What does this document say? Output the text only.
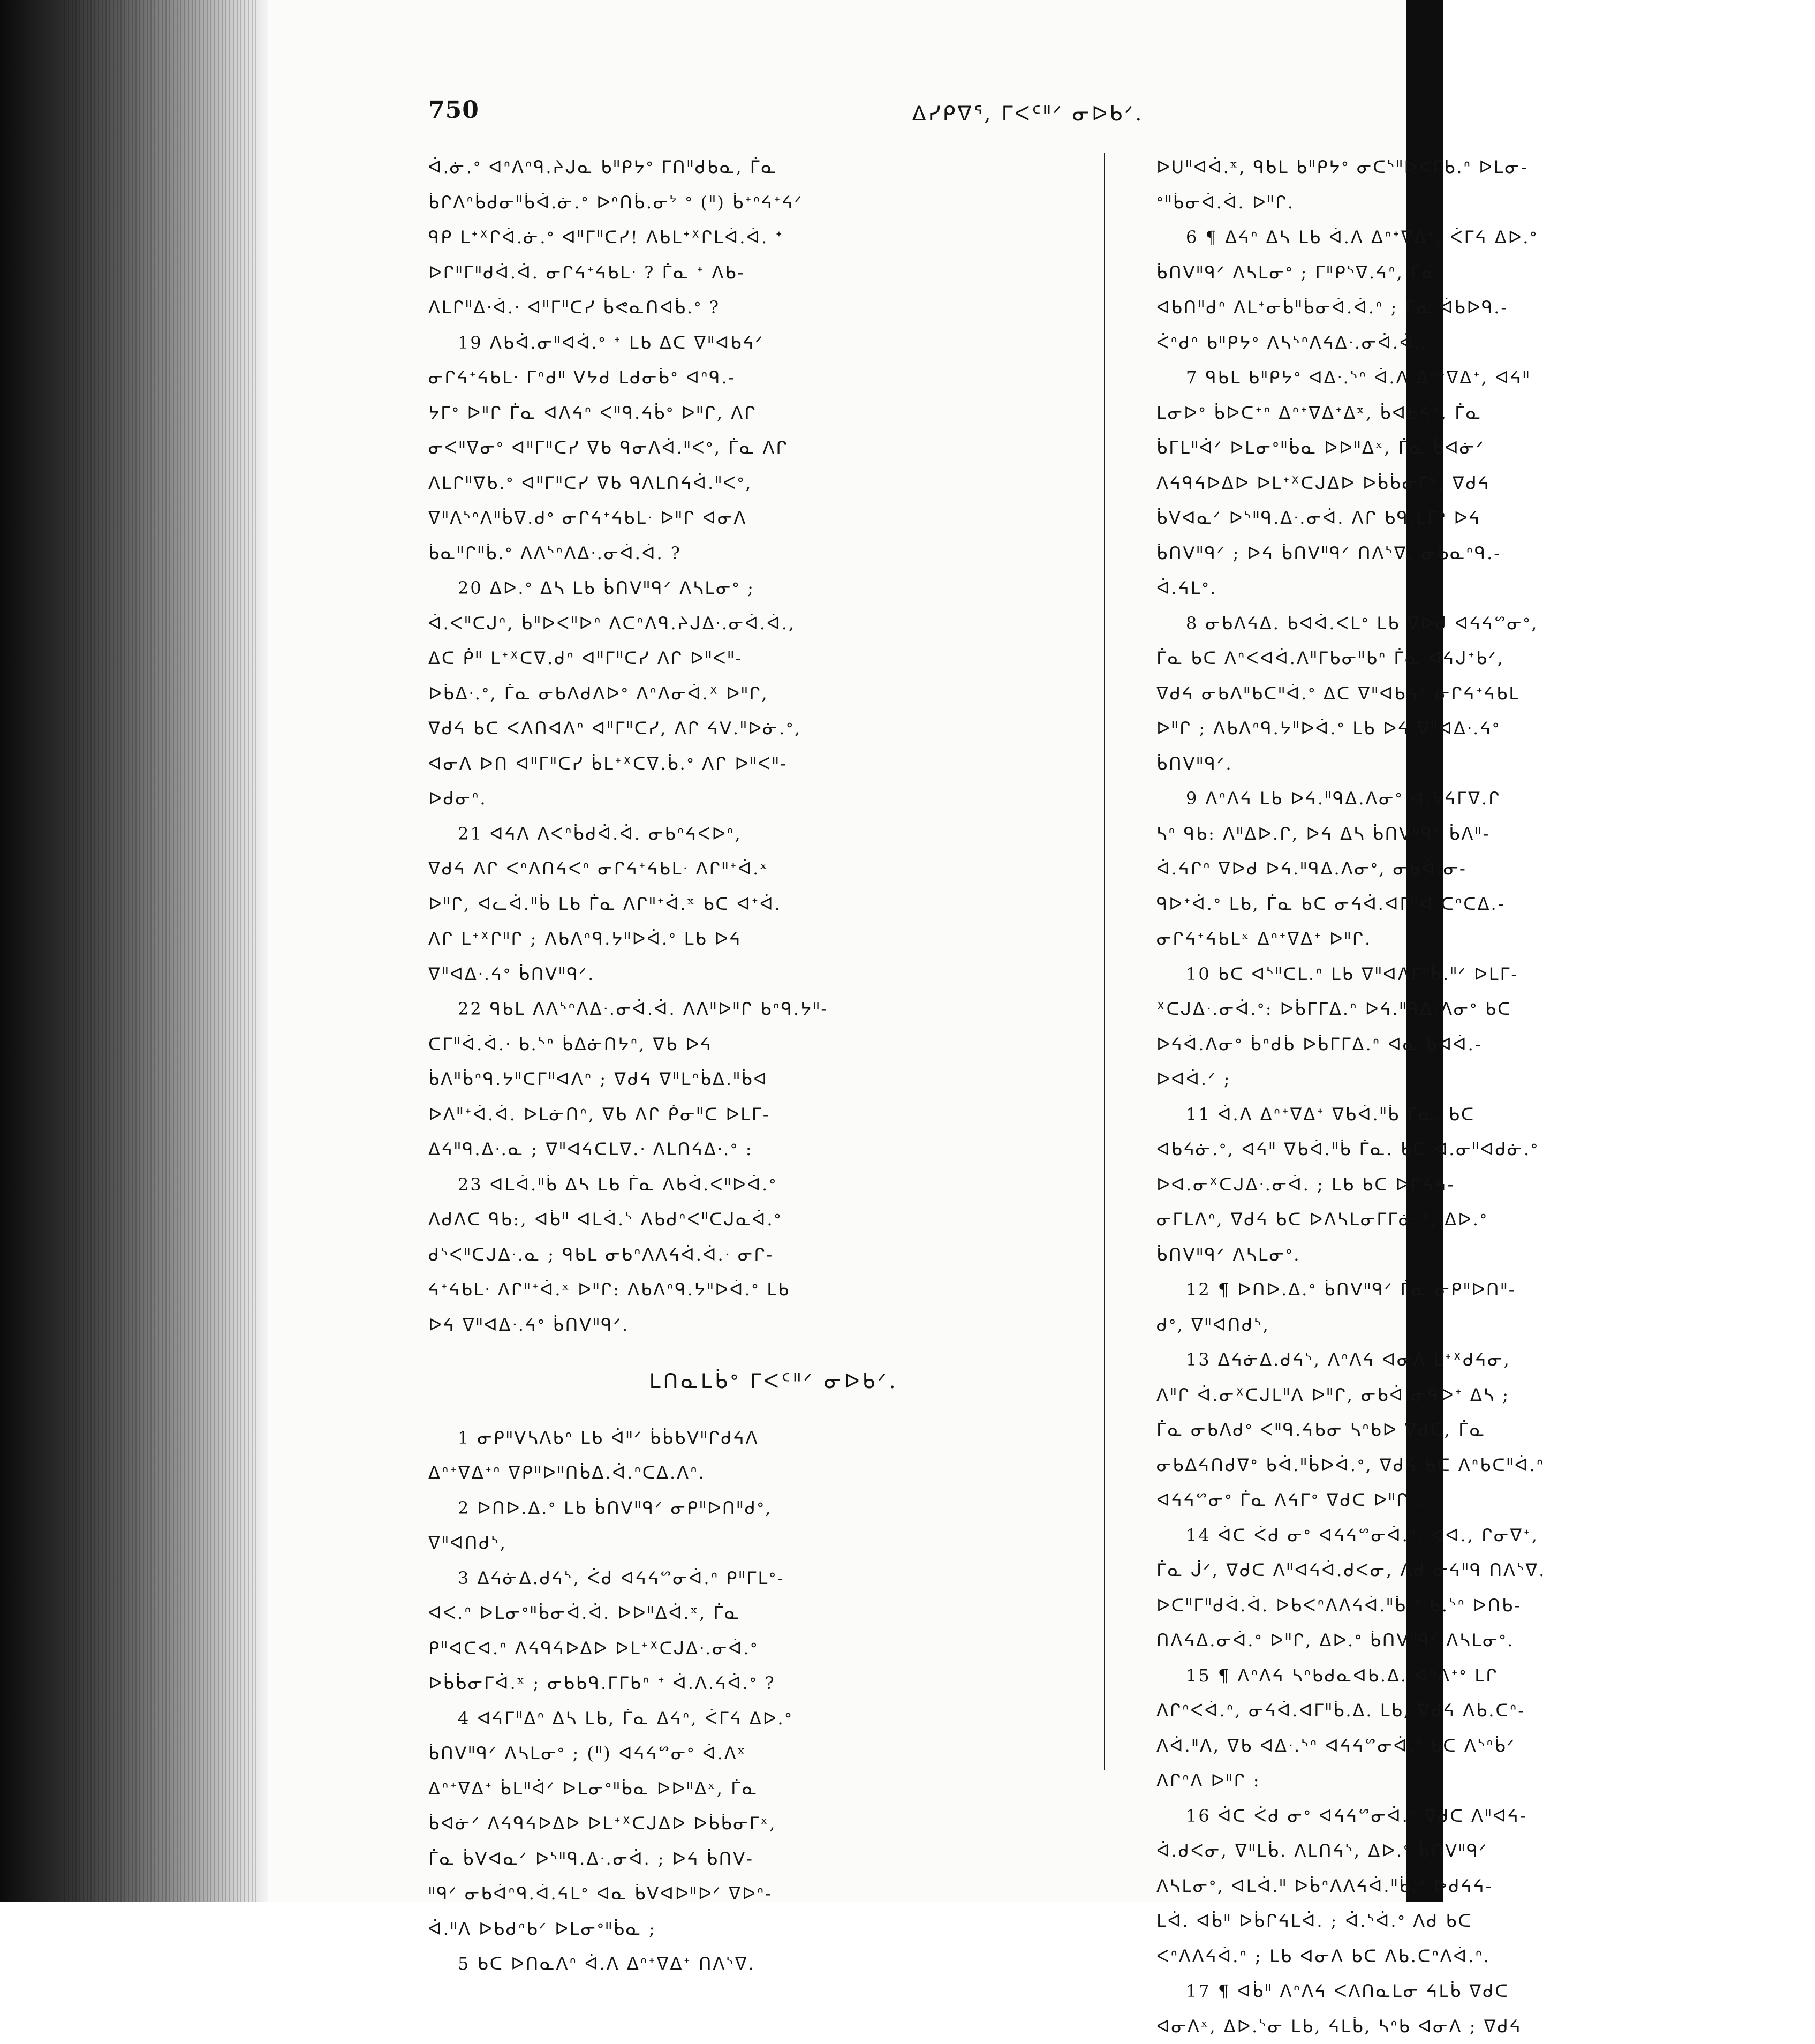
750	ᐃᓯᑭᐁᕐ, ᒥᐸᑦᐦᐟ ᓂᐅᑲᐟ.
ᐋ.ᓃ.ᐤ ᐊᐢᐱᐢᑫ.ᔨᒍᓇ ᑲᐦᑭᔭᐤ ᒥᑎᐦᑯᑲᓇ, ᒦᓇ
ᑳᒋᐱᐢᑳᑯᓂᐦᑳᐋ.ᓃ.ᐤ ᐅᐢᑎᑳ.ᓂᔾ ᐤ (ᐦ) ᑳᕀᐢᔦᕀᔦᐟ
ᑫᑭ ᒪᕀᕁᒋᐋ.ᓃ.ᐤ ᐊᐦᒥᐦᑕᓯ! ᐱᑲᒪᕀᕁᒋᒪᐋ.ᐋ. ᕀ
ᐅᒋᐦᒥᐦᑯᐋ.ᐋ. ᓂᒋᔦᕀᔦᑲᒪᐧ ? ᒦᓇ ᕀ ᐱᑲ-
ᐱᒪᒋᐦᐃᐧᐋ.ᐧ ᐊᐦᒥᐦᑕᓯ ᑳᕙᓇᑎᐊᑳ.ᐤ ?
19 ᐱᑲᐋ.ᓂᐦᐊᐋ.ᐤ ᕀ ᒪᑲ ᐃᑕ ᐁᐦᐊᑲᔦᐟ
ᓂᒋᔦᕀᔦᑲᒪᐧ ᒥᐢᑯᐦ ᐯᔭᑯ ᒪᑯᓂᑳᐤ ᐊᐢᑫ.-
ᔭᒥᐤ ᐅᐦᒋ ᒦᓇ ᐊᐱᔦᐢ ᐸᐦᑫ.ᔦᑳᐤ ᐅᐦᒋ, ᐱᒋ
ᓂᐸᐦᐁᓂᐤ ᐊᐦᒥᐦᑕᓯ ᐁᑲ ᑫᓂᐱᐋ.ᐦᐸᐤ, ᒦᓇ ᐱᒋ
ᐱᒪᒋᐦᐁᑲ.ᐤ ᐊᐦᒥᐦᑕᓯ ᐁᑲ ᑫᐱᒪᑎᔦᐋ.ᐦᐸᐤ,
ᐁᐦᐱᔅᐢᐱᐦᑳᐁ.ᑯᐤ ᓂᒋᔦᕀᔦᑲᒪᐧ ᐅᐦᒋ ᐊᓂᐱ
ᑳᓇᐦᒋᐦᑳ.ᐤ ᐱᐱᔅᐢᐱᐃᐧ.ᓂᐋ.ᐋ. ?
20 ᐃᐅ.ᐤ ᐃᓴ ᒪᑲ ᑳᑎᐯᐦᑫᐟ ᐱᓴᒪᓂᐤ ;
ᐋ.ᐸᐦᑕᒍᐢ, ᑳᐦᐅᐸᐦᐅᐢ ᐱᑕᐢᐱᑫ.ᔨᒍᐃᐧ.ᓂᐋ.ᐋ.,
ᐃᑕ ᑮᐦ ᒪᕀᕁᑕᐁ.ᑯᐢ ᐊᐦᒥᐦᑕᓯ ᐱᒋ ᐅᐦᐸᐦ-
ᐅᑳᐃᐧ.ᐤ, ᒦᓇ ᓂᑲᐱᑯᐱᐅᐤ ᐱᐢᐱᓂᐋ.ᕽ ᐅᐦᒋ,
ᐁᑯᔦ ᑲᑕ ᐸᐱᑎᐊᐱᐢ ᐊᐦᒥᐦᑕᓯ, ᐱᒋ ᔦᐯ.ᐦᐅᓃ.ᐤ,
ᐊᓂᐱ ᐅᑎ ᐊᐦᒥᐦᑕᓯ ᑳᒪᕀᕁᑕᐁ.ᑳ.ᐤ ᐱᒋ ᐅᐦᐸᐦ-
ᐅᑯᓂᐢ.
21 ᐊᔦᐱ ᐱᐸᐢᑳᑯᐋ.ᐋ. ᓂᑲᐢᔦᐸᐅᐢ,
ᐁᑯᔦ ᐱᒋ ᐸᐢᐱᑎᔦᐸᐢ ᓂᒋᔦᕀᔦᑲᒪᐧ ᐱᒋᐦᕀᐋ.ˣ
ᐅᐦᒋ, ᐊᓚᐋ.ᐦᑳ ᒪᑲ ᒦᓇ ᐱᒋᐦᕀᐋ.ˣ ᑲᑕ ᐊᕀᐋ.
ᐱᒋ ᒪᕀᕁᒋᐦᒋ ; ᐱᑲᐱᐢᑫ.ᔭᐦᐅᐋ.ᐤ ᒪᑲ ᐅᔦ
ᐁᐦᐊᐃᐧ.ᔦᐤ ᑳᑎᐯᐦᑫᐟ.
22 ᑫᑲᒪ ᐱᐱᔅᐢᐱᐃᐧ.ᓂᐋ.ᐋ. ᐱᐱᐦᐅᐦᒋ ᑲᐢᑫ.ᔭᐦ-
ᑕᒥᐦᐋ.ᐋ.ᐧ ᑲ.ᔅᐢ ᑳᐃᓃᑎᔭᐢ, ᐁᑲ ᐅᔦ
ᑳᐱᐦᑳᐢᑫ.ᔭᐦᑕᒥᐦᐊᐱᐢ ; ᐁᑯᔦ ᐁᐦᒪᐢᑳᐃ.ᐦᑳᐊ
ᐅᐱᐦᕀᐋ.ᐋ. ᐅᒪᓃᑎᐢ, ᐁᑲ ᐱᒋ ᑮᓂᐦᑕ ᐅᒪᒥ-
ᐃᔦᐦᑫ.ᐃᐧ.ᓇ ; ᐁᐦᐊᔦᑕᒪᐁ.ᐧ ᐱᒪᑎᔦᐃᐧ.ᐤ :
23 ᐊᒪᐋ.ᐦᑳ ᐃᓴ ᒪᑲ ᒦᓇ ᐱᑲᐋ.ᐸᐦᐅᐋ.ᐤ
ᐱᑯᐱᑕ ᑫᑲ:, ᐊᑳᐦ ᐊᒪᐋ.ᔅ ᐱᑲᑯᐢᐸᐦᑕᒍᓇᐋ.ᐤ
ᑯᔅᐸᐦᑕᒍᐃᐧ.ᓇ ; ᑫᑲᒪ ᓂᑲᐢᐱᐱᔦᐋ.ᐋ.ᐧ ᓂᒋ-
ᔦᕀᔦᑲᒪᐧ ᐱᒋᐦᕀᐋ.ˣ ᐅᐦᒋ: ᐱᑲᐱᐢᑫ.ᔭᐦᐅᐋ.ᐤ ᒪᑲ
ᐅᔦ ᐁᐦᐊᐃᐧ.ᔦᐤ ᑳᑎᐯᐦᑫᐟ.
ᒪᑎᓇᒪᑳᐤ ᒥᐸᑦᐦᐟ ᓂᐅᑲᐟ.
1 ᓂᑭᐦᐯᓴᐱᑲᐢ ᒪᑲ ᐋᐦᐟ ᑳᑳᑲᐯᐦᒋᑯᔦᐱ
ᐃᐢᕀᐁᐃᕀᐢ ᐁᑭᐦᐅᐦᑎᑳᐃ.ᐋ.ᐢᑕᐃ.ᐱᐢ.
2 ᐅᑎᐅ.ᐃ.ᐤ ᒪᑲ ᑳᑎᐯᐦᑫᐟ ᓂᑭᐦᐅᑎᐦᑯᐤ,
ᐁᐦᐊᑎᑯᔅ,
3 ᐃᔦᓃᐃ.ᑯᔦᔅ, ᐹᑯ ᐊᔦᔦᔥᓂᐋ.ᐢ ᑭᐦᒥᒪᐤ-
ᐊᐸ.ᐢ ᐅᒪᓂᐤᐦᑳᓂᐋ.ᐋ. ᐅᐅᐦᐃᐋ.ˣ, ᒦᓇ
ᑭᐦᐊᑕᐊ.ᐢ ᐱᔦᑫᔦᐅᐃᐅ ᐅᒪᕀᕁᑕᒍᐃᐧ.ᓂᐋ.ᐤ
ᐅᑳᑳᓂᒥᐋ.ˣ ; ᓂᑲᑲᑫ.ᒥᒥᑲᐢ ᕀ ᐋ.ᐱ.ᔦᐋ.ᐤ ?
4 ᐊᔦᒥᐦᐃᐢ ᐃᓴ ᒪᑲ, ᒦᓇ ᐃᔦᐢ, ᐹᒥᔦ ᐃᐅ.ᐤ
ᑳᑎᐯᐦᑫᐟ ᐱᓴᒪᓂᐤ ; (ᐦ) ᐊᔦᔦᔥᓂᐤ ᐋ.ᐱˣ
ᐃᐢᕀᐁᐃᕀ ᑳᒪᐦᐋᐟ ᐅᒪᓂᐤᐦᑳᓇ ᐅᐅᐦᐃˣ, ᒦᓇ
ᑳᐊᓃᐟ ᐱᔦᑫᔦᐅᐃᐅ ᐅᒪᕀᕁᑕᒍᐃᐅ ᐅᑳᑳᓂᒥˣ,
ᒦᓇ ᑳᐯᐊᓇᐟ ᐅᔅᐦᑫ.ᐃᐧ.ᓂᐋ. ; ᐅᔦ ᑳᑎᐯ-
ᐦᑫᐟ ᓂᑲᐋᐢᑫ.ᐋ.ᔦᒪᐤ ᐊᓇ ᑳᐯᐊᐅᐦᐅᐟ ᐁᐅᐢ-
ᐋ.ᐦᐱ ᐅᑲᑯᐢᑲᐟ ᐅᒪᓂᐤᐦᑳᓇ ;
5 ᑲᑕ ᐅᑎᓇᐱᐢ ᐋ.ᐱ ᐃᐢᕀᐁᐃᕀ ᑎᐱᔅᐁ.
ᐅᑌᐦᐊᐋ.ˣ, ᑫᑲᒪ ᑲᐦᑭᔭᐤ ᓂᑕᔅᐦᐅᐸᒥᑲ.ᐢ ᐅᒪᓂ-
ᐤᐦᑳᓂᐋ.ᐋ. ᐅᐦᒋ.
6 ¶ ᐃᔦᐢ ᐃᓴ ᒪᑲ ᐋ.ᐱ ᐃᐢᕀᐁᐃᕀ, ᐹᒥᔦ ᐃᐅ.ᐤ
ᑳᑎᐯᐦᑫᐟ ᐱᓴᒪᓂᐤ ; ᒥᐦᑭᔅᐁ.ᔦᐢ, ᒦᓇ
ᐊᑲᑎᐦᑯᐢ ᐱᒪᕀᓂᑳᐦᑳᓂᐋ.ᐋ.ᐢ ; ᒦᓇ ᐋᑲᐅᑫ.-
ᐹᐢᑯᐢ ᑲᐦᑭᔭᐤ ᐱᓴᔅᐢᐱᔦᐃᐧ.ᓂᐋ.ᐋ..
7 ᑫᑲᒪ ᑲᐦᑭᔭᐤ ᐊᐃᐧ.ᔅᐢ ᐋ.ᐱ ᐃᐢᕀᐁᐃᕀ, ᐊᔦᐦ
ᒪᓂᐅᐤ ᑳᐅᑕᕀᐢ ᐃᐢᕀᐁᐃᕀᐃˣ, ᑳᐊᑲᔦᐟ, ᒦᓇ
ᑳᒥᒪᐦᐋᐟ ᐅᒪᓂᐤᐦᑳᓇ ᐅᐅᐦᐃˣ, ᒦᓇ ᑳᐊᓃᐟ
ᐱᔦᑫᔦᐅᐃᐅ ᐅᒪᕀᕁᑕᒍᐃᐅ ᐅᑳᑳᓂᒥˣ, ᐁᑯᔦ
ᑳᐯᐊᓇᐟ ᐅᔅᐦᑫ.ᐃᐧ.ᓂᐋ. ᐱᒋ ᑲᑫ.ᒪᒥᐢ ᐅᔦ
ᑳᑎᐯᐦᑫᐟ ; ᐅᔦ ᑳᑎᐯᐦᑫᐟ ᑎᐱᔅᐁ. ᓂᑲᓇᐢᑫ.-
ᐋ.ᔦᒪᐤ.
8 ᓂᑲᐱᔦᐃ. ᑲᐊᐋ.ᐸᒪᐤ ᒪᑲ ᐁᐅᑯ ᐊᔦᔦᔥᓂᐤ,
ᒦᓇ ᑲᑕ ᐱᐢᐸᐊᐋ.ᐱᐦᒥᑲᓂᐦᑲᐢ ᒦᓇ ᐊᔦᒍᕀᑲᐟ,
ᐁᑯᔦ ᓂᑲᐱᐦᑲᑕᐦᐋ.ᐤ ᐃᑕ ᐁᐦᐊᑲᔦᐟ ᓂᒋᔦᕀᔦᑲᒪ
ᐅᐦᒋ ; ᐱᑲᐱᐢᑫ.ᔭᐦᐅᐋ.ᐤ ᒪᑲ ᐅᔦ ᐁᐦᐊᐃᐧ.ᔦᐤ
ᑳᑎᐯᐦᑫᐟ.
9 ᐱᐢᐱᔦ ᒪᑲ ᐅᔦ.ᐦᑫᐃ.ᐱᓂᐤ ᐋ.ᔭᔦᒥᐁ.ᒋ
ᓴᐢ ᑫᑲ: ᐱᐦᐃᐅ.ᒋ, ᐅᔦ ᐃᓴ ᑳᑎᐯᐦᑫᐟ ᑳᐱᐦ-
ᐋ.ᔦᒋᐢ ᐁᐅᑯ ᐅᔦ.ᐦᑫᐃ.ᐱᓂᐤ, ᓂᑲᐋ.ᓂ-
ᑫᐅᕀᐋ.ᐤ ᒪᑲ, ᒦᓇ ᑲᑕ ᓂᔦᐋ.ᐊᒥᐦᐊ ᑕᐢᑕᐃ.-
ᓂᒋᔦᕀᔦᑲᒪˣ ᐃᐢᕀᐁᐃᕀ ᐅᐦᒋ.
10 ᑲᑕ ᐊᔅᐦᑕᒪ.ᐢ ᒪᑲ ᐁᐦᐊᐱᒥᐦᑳ.ᐦᐟ ᐅᒪᒥ-
ᕁᑕᒍᐃᐧ.ᓂᐋ.ᐤ: ᐅᑳᒥᒥᐃ.ᐢ ᐅᔦ.ᐦᑫᐃ.ᐱᓂᐤ ᑲᑕ
ᐅᔦᐋ.ᐱᓂᐤ ᑳᐢᑯᑳ ᐅᑳᒥᒥᐃ.ᐢ ᐊᓇ ᑲᐊᐋ.-
ᐅᐊᐋ.ᐟ ;
11 ᐋ.ᐱ ᐃᐢᕀᐁᐃᕀ ᐁᑲᐋ.ᐦᑳ ᒦᓇ. ᑲᑕ
ᐊᑲᔦᓃ.ᐤ, ᐊᔦᐦ ᐁᑲᐋ.ᐦᑳ ᒦᓇ. ᑲᑕ ᐋ.ᓂᐦᐊᑯᓃ.ᐤ
ᐅᐊ.ᓂᕁᑕᒍᐃᐧ.ᓂᐋ. ; ᒪᑲ ᑲᑕ ᐅᒋᔦᔦ-
ᓂᒥᒪᐱᐢ, ᐁᑯᔦ ᑲᑕ ᐅᐱᓴᒪᓂᒥᒥᓃ.ᐤ, ᐃᐅ.ᐤ
ᑳᑎᐯᐦᑫᐟ ᐱᓴᒪᓂᐤ.
12 ¶ ᐅᑎᐅ.ᐃ.ᐤ ᑳᑎᐯᐦᑫᐟ ᒦᓇ ᓂᑭᐦᐅᑎᐦ-
ᑯᐤ, ᐁᐦᐊᑎᑯᔅ,
13 ᐃᔦᓃᐃ.ᑯᔦᔅ, ᐱᐢᐱᔦ ᐊᓂᐱ ᒪᕀᕁᑯᔦᓂ,
ᐱᐦᒋ ᐋ.ᓂᕁᑕᒍᒪᐦᐱ ᐅᐦᒋ, ᓂᑲᐋ.ᓂᑫᐅᕀ ᐃᓴ ;
ᒦᓇ ᓂᑲᐱᑯᐤ ᐸᐦᑫ.ᔦᑲᓂ ᓴᐢᑲᐅ ᐁᑯᑕ, ᒦᓇ
ᓂᑲᐃᔦᑎᑯᐁᐤ ᑲᐋ.ᐦᑳᐅᐋ.ᐤ, ᐁᑯᔦ ᑲᑕ ᐱᐢᑲᑕᐦᐋ.ᐢ
ᐊᔦᔦᔥᓂᐤ ᒦᓇ ᐱᔦᒥᐤ ᐁᑯᑕ ᐅᐦᒋ :
14 ᐋᑕ ᐹᑯ ᓂᐤ ᐊᔦᔦᔥᓂᐋ.ᐢ, ᐹᐊ., ᒋᓂᐁᕀ,
ᒦᓇ ᒎᐟ, ᐁᑯᑕ ᐱᐦᐊᔦᐋ.ᑯᐸᓂ, ᐱᑯ ᓂᔦᐦᑫ ᑎᐱᔅᐁ.
ᐅᑕᐦᒥᐦᑯᐋ.ᐋ. ᐅᑲᐸᐢᐱᐱᔦᐋ.ᐦᑳ.ᐤ ᑲ.ᔅᐢ ᐅᑎᑲ-
ᑎᐱᔦᐃ.ᓂᐋ.ᐤ ᐅᐦᒋ, ᐃᐅ.ᐤ ᑳᑎᐯᐦᑫᐟ ᐱᓴᒪᓂᐤ.
15 ¶ ᐱᐢᐱᔦ ᓴᐢᑲᑯᓇᐊᑲ.ᐃ. ᐊᐢᐱᕀᐤ ᒪᒋ
ᐱᒋᐢᐸᐋ.ᐢ, ᓂᔦᐋ.ᐊᒥᐦᑳ.ᐃ. ᒪᑲ, ᐁᑯᔦ ᐱᑲ.ᑕᐢ-
ᐱᐋ.ᐦᐱ, ᐁᑲ ᐊᐃᐧ.ᔅᐢ ᐊᔦᔦᔥᓂᐋ.ᐢ ᑲᑕ ᐱᔅᐢᑳᐟ
ᐱᒋᐢᐱ ᐅᐦᒋ :
16 ᐋᑕ ᐹᑯ ᓂᐤ ᐊᔦᔦᔥᓂᐋ.ᐢ ᐁᑯᑕ ᐱᐦᐊᔦ-
ᐋ.ᑯᐸᓂ, ᐁᐦᒪᑳ. ᐱᒪᑎᔦᔅ, ᐃᐅ.ᐤ ᑳᑎᐯᐦᑫᐟ
ᐱᓴᒪᓂᐤ, ᐊᒪᐋ.ᐦ ᐅᑳᐢᐱᐱᔦᐋ.ᐦᑳ.ᐤ ᐅᑯᔦᔦ-
ᒪᐋ. ᐊᑳᐦ ᐅᑳᒋᔦᒪᐋ. ; ᐋ.ᔅᐋ.ᐤ ᐱᑯ ᑲᑕ
ᐸᐢᐱᐱᔦᐋ.ᐢ ; ᒪᑲ ᐊᓂᐱ ᑲᑕ ᐱᑲ.ᑕᐢᐱᐋ.ᐢ.
17 ¶ ᐊᑳᐦ ᐱᐢᐱᔦ ᐸᐱᑎᓇᒪᓂ ᔦᒪᑳ ᐁᑯᑕ
ᐊᓂᐱˣ, ᐃᐅ.ᔅᓂ ᒪᑲ, ᔦᒪᑳ, ᓴᐢᑲ ᐊᓂᐱ ; ᐁᑯᔦ
